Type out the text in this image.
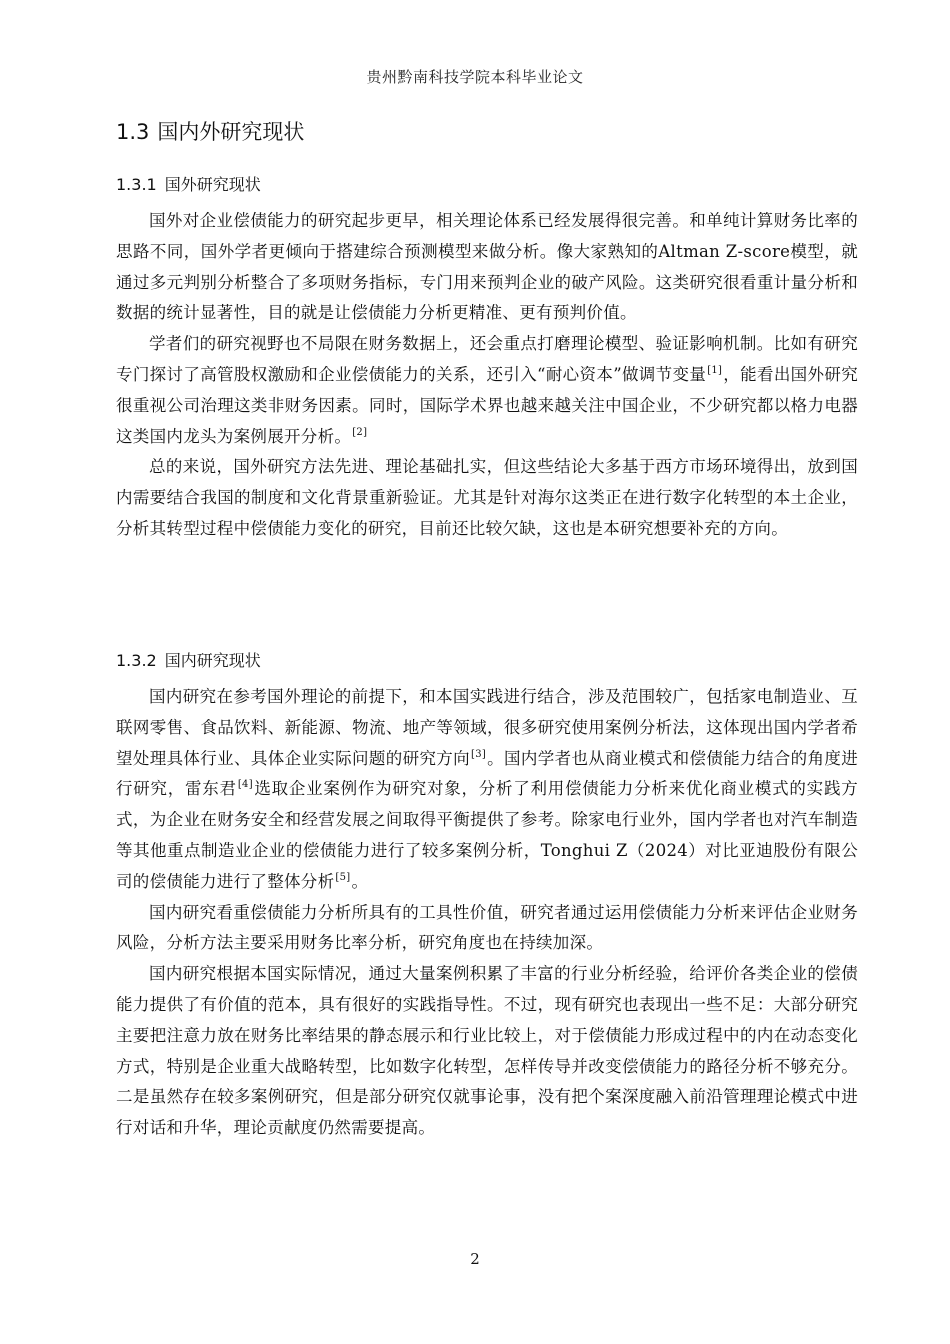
贵州黔南科技学院本科毕业论文
1.3 国内外研究现状
1.3.1 国外研究现状

国外对企业偿债能力的研究起步更早，相关理论体系已经发展得很完善。和单纯计算财务比率的思路不同，国外学者更倾向于搭建综合预测模型来做分析。像大家熟知的Altman Z-score模型，就通过多元判别分析整合了多项财务指标，专门用来预判企业的破产风险。这类研究很看重计量分析和数据的统计显著性，目的就是让偿债能力分析更精准、更有预判价值。

学者们的研究视野也不局限在财务数据上，还会重点打磨理论模型、验证影响机制。比如有研究专门探讨了高管股权激励和企业偿债能力的关系，还引入“耐心资本”做调节变量[1]，能看出国外研究很重视公司治理这类非财务因素。同时，国际学术界也越来越关注中国企业，不少研究都以格力电器这类国内龙头为案例展开分析。[2]

总的来说，国外研究方法先进、理论基础扎实，但这些结论大多基于西方市场环境得出，放到国内需要结合我国的制度和文化背景重新验证。尤其是针对海尔这类正在进行数字化转型的本土企业，分析其转型过程中偿债能力变化的研究，目前还比较欠缺，这也是本研究想要补充的方向。

1.3.2 国内研究现状

国内研究在参考国外理论的前提下，和本国实践进行结合，涉及范围较广，包括家电制造业、互联网零售、食品饮料、新能源、物流、地产等领域，很多研究使用案例分析法，这体现出国内学者希望处理具体行业、具体企业实际问题的研究方向[3]。国内学者也从商业模式和偿债能力结合的角度进行研究，雷东君[4]选取企业案例作为研究对象，分析了利用偿债能力分析来优化商业模式的实践方式，为企业在财务安全和经营发展之间取得平衡提供了参考。除家电行业外，国内学者也对汽车制造等其他重点制造业企业的偿债能力进行了较多案例分析，Tonghui Z（2024）对比亚迪股份有限公司的偿债能力进行了整体分析[5]。

国内研究看重偿债能力分析所具有的工具性价值，研究者通过运用偿债能力分析来评估企业财务风险，分析方法主要采用财务比率分析，研究角度也在持续加深。

国内研究根据本国实际情况，通过大量案例积累了丰富的行业分析经验，给评价各类企业的偿债能力提供了有价值的范本，具有很好的实践指导性。不过，现有研究也表现出一些不足：大部分研究主要把注意力放在财务比率结果的静态展示和行业比较上，对于偿债能力形成过程中的内在动态变化方式，特别是企业重大战略转型，比如数字化转型，怎样传导并改变偿债能力的路径分析不够充分。二是虽然存在较多案例研究，但是部分研究仅就事论事，没有把个案深度融入前沿管理理论模式中进行对话和升华，理论贡献度仍然需要提高。

2
